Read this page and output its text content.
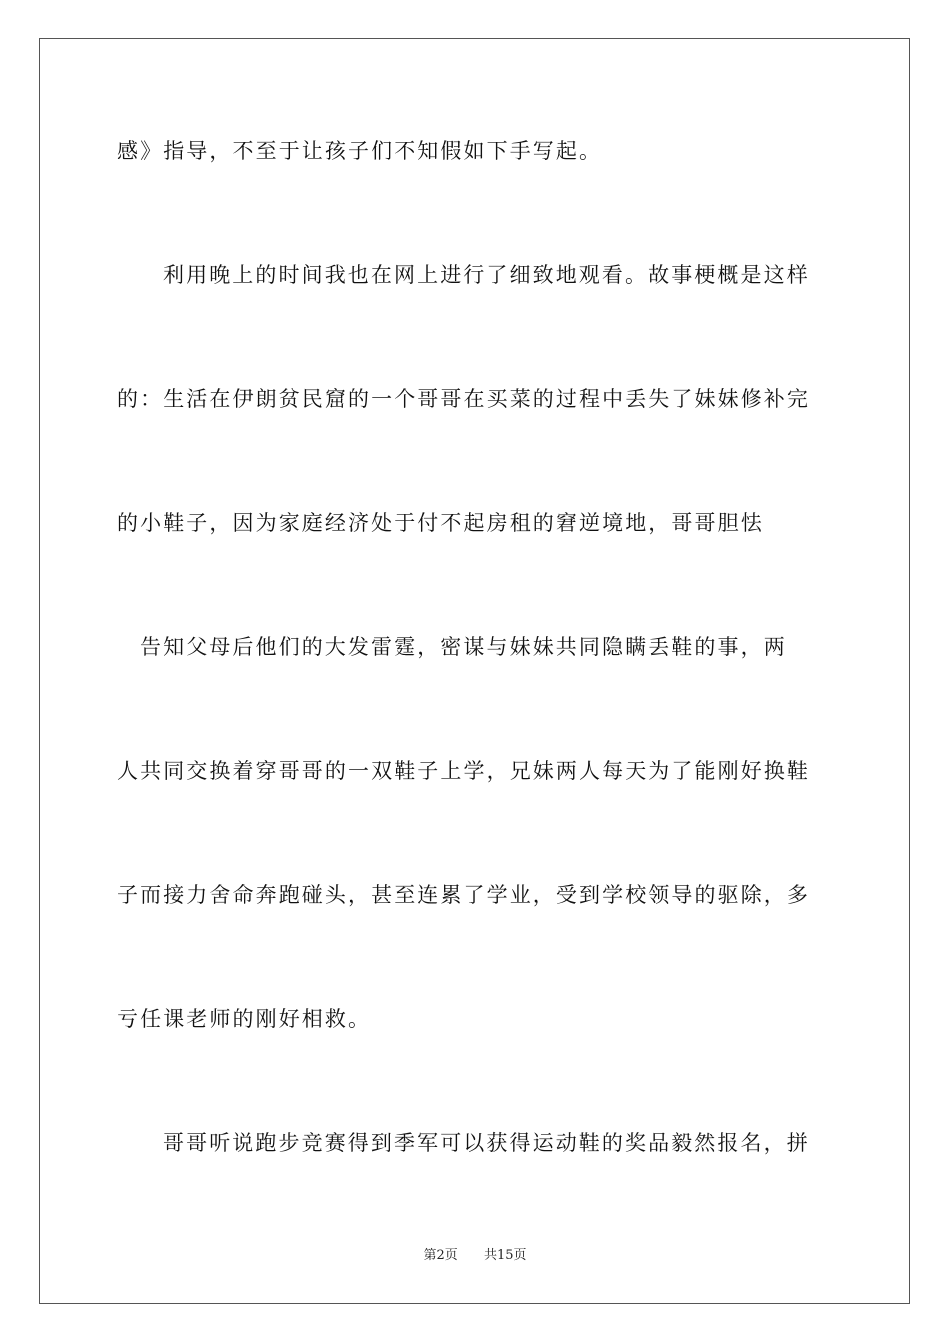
感》指导，不至于让孩子们不知假如下手写起。
利用晚上的时间我也在网上进行了细致地观看。故事梗概是这样
的：生活在伊朗贫民窟的一个哥哥在买菜的过程中丢失了妹妹修补完
的小鞋子，因为家庭经济处于付不起房租的窘逆境地，哥哥胆怯
告知父母后他们的大发雷霆，密谋与妹妹共同隐瞒丢鞋的事，两
人共同交换着穿哥哥的一双鞋子上学，兄妹两人每天为了能刚好换鞋
子而接力舍命奔跑碰头，甚至连累了学业，受到学校领导的驱除，多
亏任课老师的刚好相救。
哥哥听说跑步竞赛得到季军可以获得运动鞋的奖品毅然报名，拼
第2页 共15页
